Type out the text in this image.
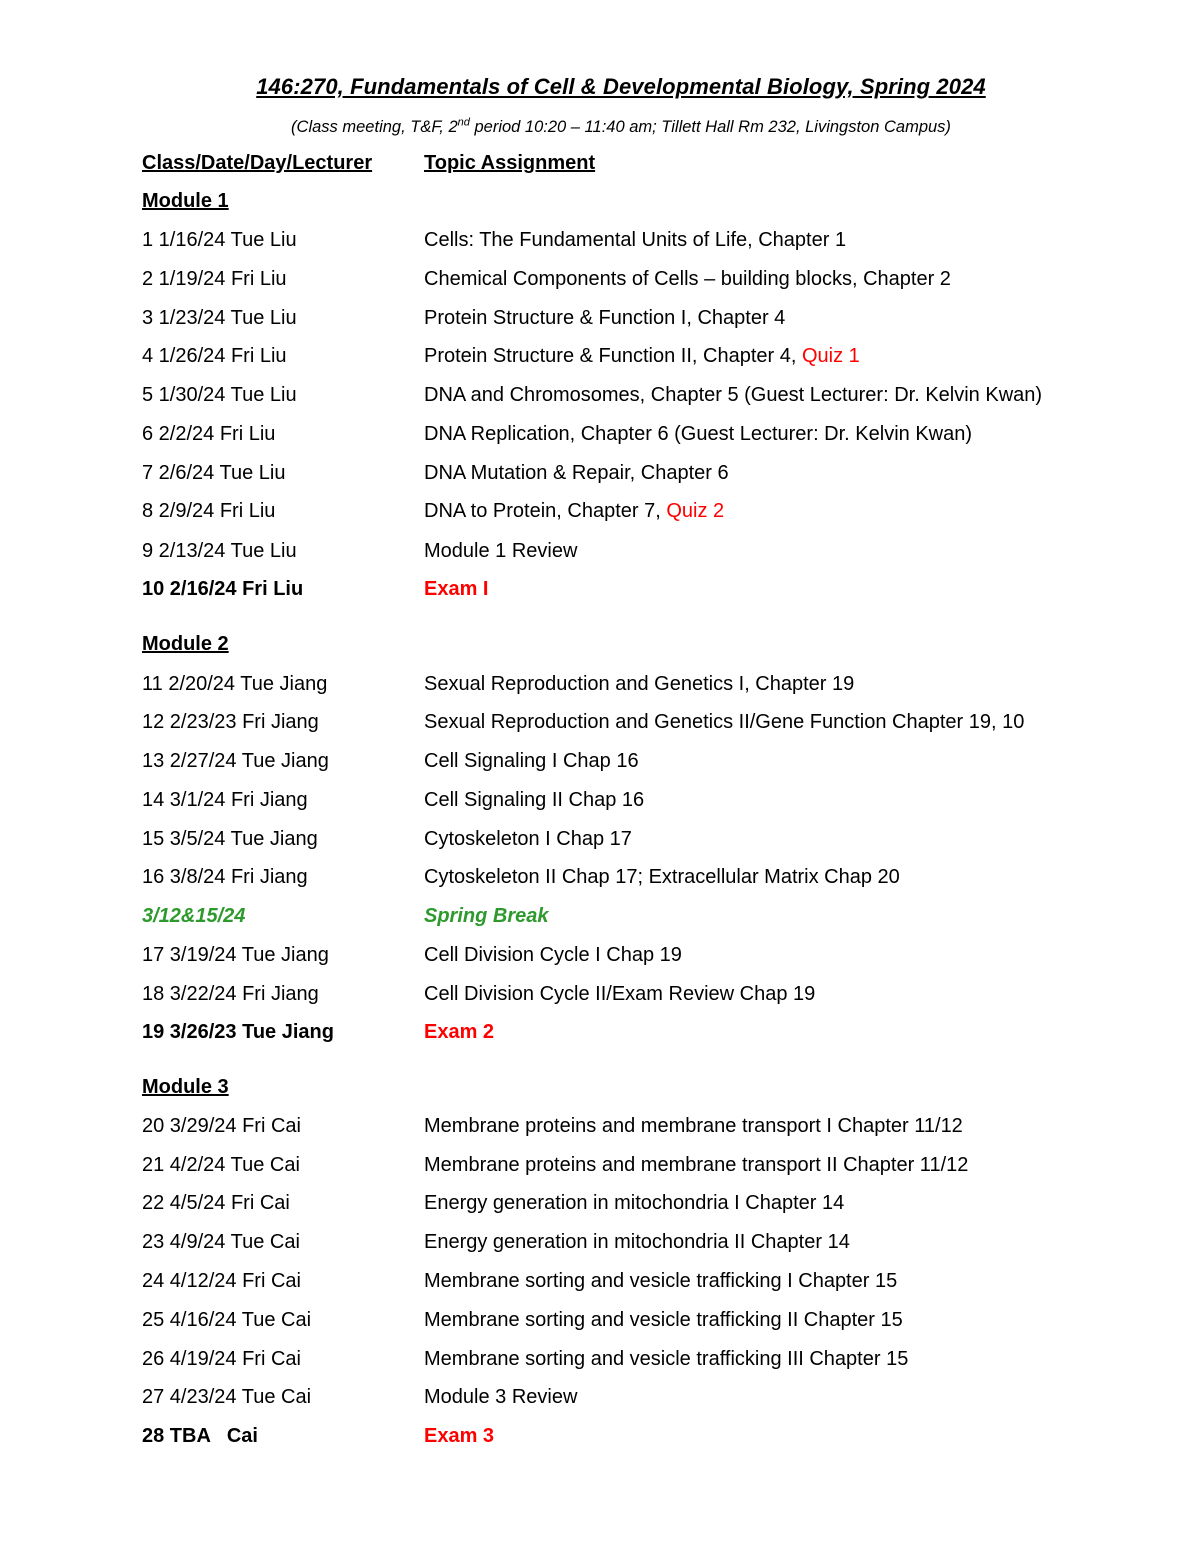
146:270, Fundamentals of Cell & Developmental Biology, Spring 2024
(Class meeting, T&F, 2nd period 10:20 – 11:40 am; Tillett Hall Rm 232, Livingston Campus)
Class/Date/Day/Lecturer	Topic Assignment
Module 1
1 1/16/24 Tue Liu	Cells: The Fundamental Units of Life, Chapter 1
2 1/19/24 Fri Liu	Chemical Components of Cells – building blocks, Chapter 2
3 1/23/24 Tue Liu	Protein Structure & Function I, Chapter 4
4 1/26/24 Fri Liu	Protein Structure & Function II, Chapter 4, Quiz 1
5 1/30/24 Tue Liu	DNA and Chromosomes, Chapter 5 (Guest Lecturer: Dr. Kelvin Kwan)
6 2/2/24 Fri Liu	DNA Replication, Chapter 6 (Guest Lecturer: Dr. Kelvin Kwan)
7 2/6/24 Tue Liu	DNA Mutation & Repair, Chapter 6
8 2/9/24 Fri Liu	DNA to Protein, Chapter 7, Quiz 2
9 2/13/24 Tue Liu	Module 1 Review
10 2/16/24 Fri Liu	Exam I
Module 2
11 2/20/24 Tue Jiang	Sexual Reproduction and Genetics I, Chapter 19
12 2/23/23 Fri Jiang	Sexual Reproduction and Genetics II/Gene Function Chapter 19, 10
13 2/27/24 Tue Jiang	Cell Signaling I Chap 16
14 3/1/24 Fri Jiang	Cell Signaling II Chap 16
15 3/5/24 Tue Jiang	Cytoskeleton I Chap 17
16 3/8/24 Fri Jiang	Cytoskeleton II Chap 17; Extracellular Matrix Chap 20
3/12&15/24	Spring Break
17 3/19/24 Tue Jiang	Cell Division Cycle I Chap 19
18 3/22/24 Fri Jiang	Cell Division Cycle II/Exam Review Chap 19
19 3/26/23 Tue Jiang	Exam 2
Module 3
20 3/29/24 Fri Cai	Membrane proteins and membrane transport I Chapter 11/12
21 4/2/24 Tue Cai	Membrane proteins and membrane transport II Chapter 11/12
22 4/5/24 Fri Cai	Energy generation in mitochondria I Chapter 14
23 4/9/24 Tue Cai	Energy generation in mitochondria II Chapter 14
24 4/12/24 Fri Cai	Membrane sorting and vesicle trafficking I Chapter 15
25 4/16/24 Tue Cai	Membrane sorting and vesicle trafficking II Chapter 15
26 4/19/24 Fri Cai	Membrane sorting and vesicle trafficking III Chapter 15
27 4/23/24 Tue Cai	Module 3 Review
28 TBA   Cai	Exam 3
